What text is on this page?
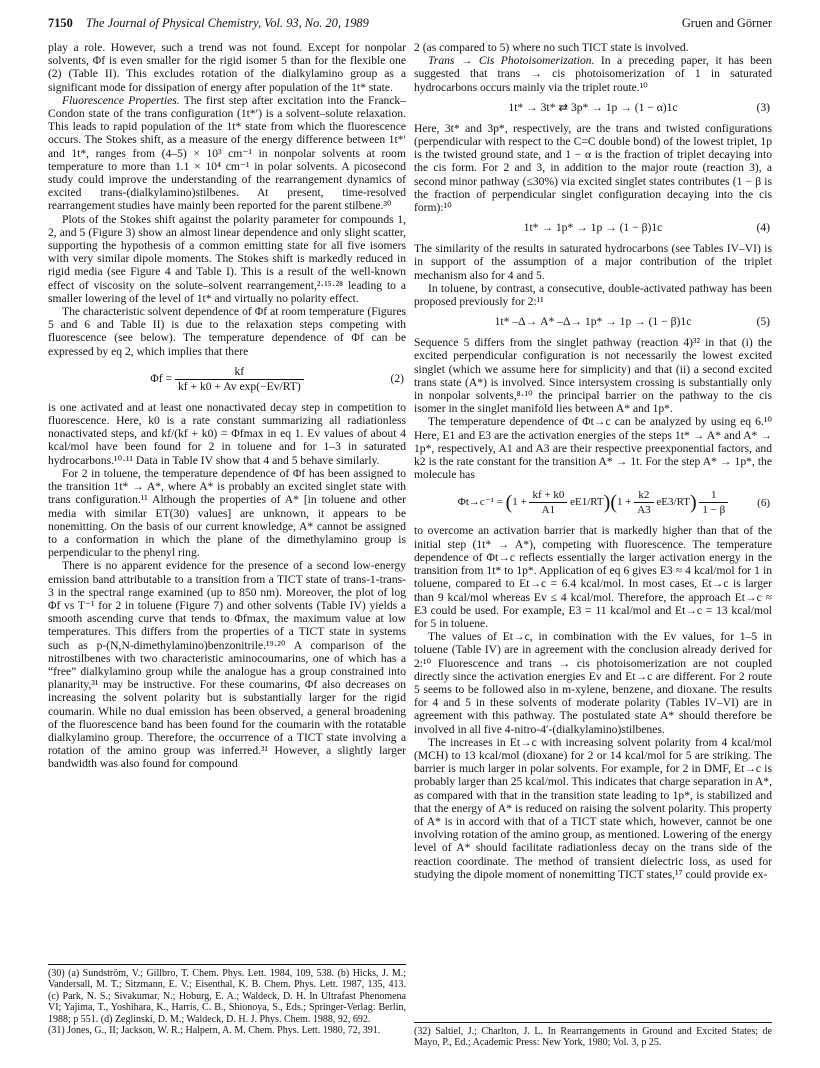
7150 The Journal of Physical Chemistry, Vol. 93, No. 20, 1989	Gruen and Görner

play a role. However, such a trend was not found. Except for nonpolar solvents, Φf is even smaller for the rigid isomer 5 than for the flexible one (2) (Table II). This excludes rotation of the dialkylamino group as a significant mode for dissipation of energy after population of the 1t* state.

Fluorescence Properties. The first step after excitation into the Franck–Condon state of the trans configuration (1t*′) is a solvent–solute relaxation. This leads to rapid population of the 1t* state from which the fluorescence occurs. The Stokes shift, as a measure of the energy difference between 1t*′ and 1t*, ranges from (4–5) × 10³ cm⁻¹ in nonpolar solvents at room temperature to more than 1.1 × 10⁴ cm⁻¹ in polar solvents. A picosecond study could improve the understanding of the rearrangement dynamics of excited trans-(dialkylamino)stilbenes. At present, time-resolved rearrangement studies have mainly been reported for the parent stilbene.³⁰

Plots of the Stokes shift against the polarity parameter for compounds 1, 2, and 5 (Figure 3) show an almost linear dependence and only slight scatter, supporting the hypothesis of a common emitting state for all five isomers with very similar dipole moments. The Stokes shift is markedly reduced in rigid media (see Figure 4 and Table I). This is a result of the well-known effect of viscosity on the solute–solvent rearrangement,²·¹⁵·²⁸ leading to a smaller lowering of the level of 1t* and virtually no polarity effect.

The characteristic solvent dependence of Φf at room temperature (Figures 5 and 6 and Table II) is due to the relaxation steps competing with fluorescence (see below). The temperature dependence of Φf can be expressed by eq 2, which implies that there

$\Phi f = \frac{kf}{\text{kf + k0 + Av exp(−Ev/RT)}}$	(2)

is one activated and at least one nonactivated decay step in competition to fluorescence. Here, k0 is a rate constant summarizing all radiationless nonactivated steps, and kf/(kf + k0) = Φfmax in eq 1. Ev values of about 4 kcal/mol have been found for 2 in toluene and for 1–3 in saturated hydrocarbons.¹⁰·¹¹ Data in Table IV show that 4 and 5 behave similarly.

For 2 in toluene, the temperature dependence of Φf has been assigned to the transition 1t* → A*, where A* is probably an excited singlet state with trans configuration.¹¹ Although the properties of A* [in toluene and other media with similar ET(30) values] are unknown, it appears to be nonemitting. On the basis of our current knowledge, A* cannot be assigned to a conformation in which the plane of the dimethylamino group is perpendicular to the phenyl ring.

There is no apparent evidence for the presence of a second low-energy emission band attributable to a transition from a TICT state of trans-1-trans-3 in the spectral range examined (up to 850 nm). Moreover, the plot of log Φf vs T⁻¹ for 2 in toluene (Figure 7) and other solvents (Table IV) yields a smooth ascending curve that tends to Φfmax, the maximum value at low temperatures. This differs from the properties of a TICT state in systems such as p-(N,N-dimethylamino)benzonitrile.¹⁹·²⁰ A comparison of the nitrostilbenes with two characteristic aminocoumarins, one of which has a “free” dialkylamino group while the analogue has a group constrained into planarity,³¹ may be instructive. For these coumarins, Φf also decreases on increasing the solvent polarity but is substantially larger for the rigid coumarin. While no dual emission has been observed, a general broadening of the fluorescence band has been found for the coumarin with the rotatable dialkylamino group. Therefore, the occurrence of a TICT state involving a rotation of the amino group was inferred.³¹ However, a slightly larger bandwidth was also found for compound

(30) (a) Sundström, V.; Gillbro, T. Chem. Phys. Lett. 1984, 109, 538. (b) Hicks, J. M.; Vandersall, M. T.; Sitzmann, E. V.; Eisenthal, K. B. Chem. Phys. Lett. 1987, 135, 413. (c) Park, N. S.; Sivakumar, N.; Hoburg, E. A.; Waldeck, D. H. In Ultrafast Phenomena VI; Yajima, T., Yoshihara, K., Harris, C. B., Shionoya, S., Eds.; Springer-Verlag: Berlin, 1988; p 551. (d) Zeglinski, D. M.; Waldeck, D. H. J. Phys. Chem. 1988, 92, 692.
(31) Jones, G., II; Jackson, W. R.; Halpern, A. M. Chem. Phys. Lett. 1980, 72, 391.

2 (as compared to 5) where no such TICT state is involved.

Trans → Cis Photoisomerization. In a preceding paper, it has been suggested that trans → cis photoisomerization of 1 in saturated hydrocarbons occurs mainly via the triplet route.¹⁰

1t* → 3t* ⇄ 3p* → 1p → (1 − α)1c	(3)

Here, 3t* and 3p*, respectively, are the trans and twisted configurations (perpendicular with respect to the C=C double bond) of the lowest triplet, 1p is the twisted ground state, and 1 − α is the fraction of triplet decaying into the cis form. For 2 and 3, in addition to the major route (reaction 3), a second minor pathway (≤30%) via excited singlet states contributes (1 − β is the fraction of perpendicular singlet configuration decaying into the cis form):¹⁰

1t* → 1p* → 1p → (1 − β)1c	(4)

The similarity of the results in saturated hydrocarbons (see Tables IV–VI) is in support of the assumption of a major contribution of the triplet mechanism also for 4 and 5.

In toluene, by contrast, a consecutive, double-activated pathway has been proposed previously for 2:¹¹

1t* –Δ→ A* –Δ→ 1p* → 1p → (1 − β)1c	(5)

Sequence 5 differs from the singlet pathway (reaction 4)³² in that (i) the excited perpendicular configuration is not necessarily the lowest excited singlet (which we assume here for simplicity) and that (ii) a second excited trans state (A*) is involved. Since intersystem crossing is substantially only in nonpolar solvents,⁸·¹⁰ the principal barrier on the pathway to the cis isomer in the singlet manifold lies between A* and 1p*.

The temperature dependence of Φt→c can be analyzed by using eq 6.¹⁰ Here, E1 and E3 are the activation energies of the steps 1t* → A* and A* → 1p*, respectively, A1 and A3 are their respective preexponential factors, and k2 is the rate constant for the transition A* → 1t. For the step A* → 1p*, the molecule has

$\Phi t\to c^{-1} = (1 + \frac{kf + k0}{A1} eE1/RT)(1 + \frac{k2}{A3} eE3/RT) \frac{1}{1 - \beta}$	(6)

to overcome an activation barrier that is markedly higher than that of the initial step (1t* → A*), competing with fluorescence. The temperature dependence of Φt→c reflects essentially the larger activation energy in the transition from 1t* to 1p*. Application of eq 6 gives E3 ≈ 4 kcal/mol for 1 in toluene, compared to Et→c = 6.4 kcal/mol. In most cases, Et→c is larger than 9 kcal/mol whereas Ev ≤ 4 kcal/mol. Therefore, the approach Et→c ≈ E3 could be used. For example, E3 = 11 kcal/mol and Et→c = 13 kcal/mol for 5 in toluene.

The values of Et→c, in combination with the Ev values, for 1–5 in toluene (Table IV) are in agreement with the conclusion already derived for 2:¹⁰ Fluorescence and trans → cis photoisomerization are not coupled directly since the activation energies Ev and Et→c are different. For 2 route 5 seems to be followed also in m-xylene, benzene, and dioxane. The results for 4 and 5 in these solvents of moderate polarity (Tables IV–VI) are in agreement with this pathway. The postulated state A* should therefore be involved in all five 4-nitro-4′-(dialkylamino)stilbenes.

The increases in Et→c with increasing solvent polarity from 4 kcal/mol (MCH) to 13 kcal/mol (dioxane) for 2 or 14 kcal/mol for 5 are striking. The barrier is much larger in polar solvents. For example, for 2 in DMF, Et→c is probably larger than 25 kcal/mol. This indicates that charge separation in A*, as compared with that in the transition state leading to 1p*, is stabilized and that the energy of A* is reduced on raising the solvent polarity. This property of A* is in accord with that of a TICT state which, however, cannot be one involving rotation of the amino group, as mentioned. Lowering of the energy level of A* should facilitate radiationless decay on the trans side of the reaction coordinate. The method of transient dielectric loss, as used for studying the dipole moment of nonemitting TICT states,¹⁷ could provide ex-

(32) Saltiel, J.; Charlton, J. L. In Rearrangements in Ground and Excited States; de Mayo, P., Ed.; Academic Press: New York, 1980; Vol. 3, p 25.
